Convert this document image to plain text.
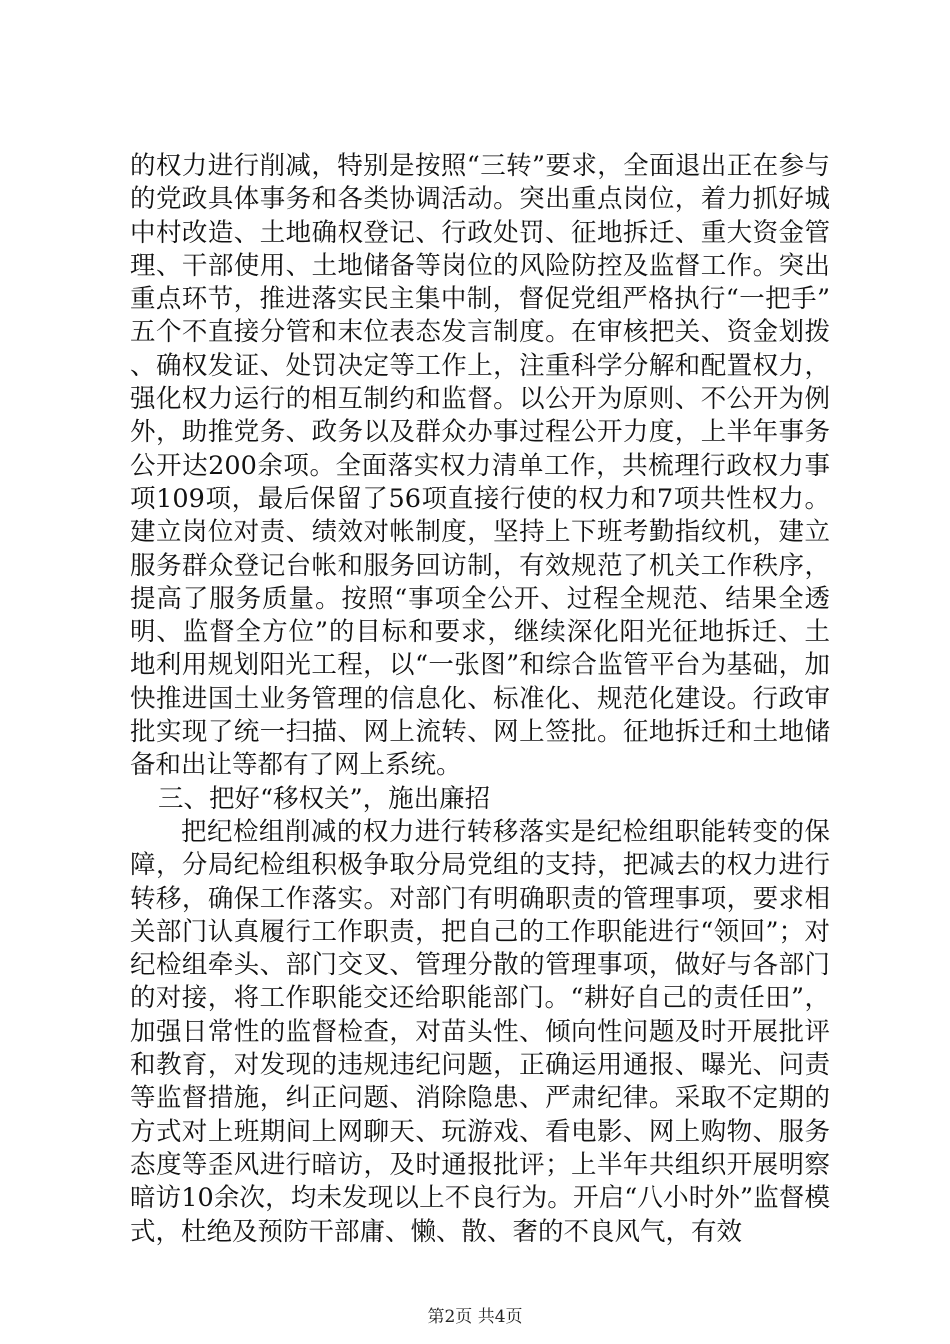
的权力进行削减，特别是按照“三转”要求，全面退出正在参与的党政具体事务和各类协调活动。突出重点岗位，着力抓好城中村改造、土地确权登记、行政处罚、征地拆迁、重大资金管理、干部使用、土地储备等岗位的风险防控及监督工作。突出重点环节，推进落实民主集中制，督促党组严格执行“一把手”五个不直接分管和末位表态发言制度。在审核把关、资金划拨、确权发证、处罚决定等工作上，注重科学分解和配置权力，强化权力运行的相互制约和监督。以公开为原则、不公开为例外，助推党务、政务以及群众办事过程公开力度，上半年事务公开达200余项。全面落实权力清单工作，共梳理行政权力事项109项，最后保留了56项直接行使的权力和7项共性权力。建立岗位对责、绩效对帐制度，坚持上下班考勤指纹机，建立服务群众登记台帐和服务回访制，有效规范了机关工作秩序，提高了服务质量。按照“事项全公开、过程全规范、结果全透明、监督全方位”的目标和要求，继续深化阳光征地拆迁、土地利用规划阳光工程，以“一张图”和综合监管平台为基础，加快推进国土业务管理的信息化、标准化、规范化建设。行政审批实现了统一扫描、网上流转、网上签批。征地拆迁和土地储备和出让等都有了网上系统。

三、把好“移权关”，施出廉招

把纪检组削减的权力进行转移落实是纪检组职能转变的保障，分局纪检组积极争取分局党组的支持，把减去的权力进行转移，确保工作落实。对部门有明确职责的管理事项，要求相关部门认真履行工作职责，把自己的工作职能进行“领回”；对纪检组牵头、部门交叉、管理分散的管理事项，做好与各部门的对接，将工作职能交还给职能部门。“耕好自己的责任田”，加强日常性的监督检查，对苗头性、倾向性问题及时开展批评和教育，对发现的违规违纪问题，正确运用通报、曝光、问责等监督措施，纠正问题、消除隐患、严肃纪律。采取不定期的方式对上班期间上网聊天、玩游戏、看电影、网上购物、服务态度等歪风进行暗访，及时通报批评；上半年共组织开展明察暗访10余次，均未发现以上不良行为。开启“八小时外”监督模式，杜绝及预防干部庸、懒、散、奢的不良风气，有效

第2页 共4页
